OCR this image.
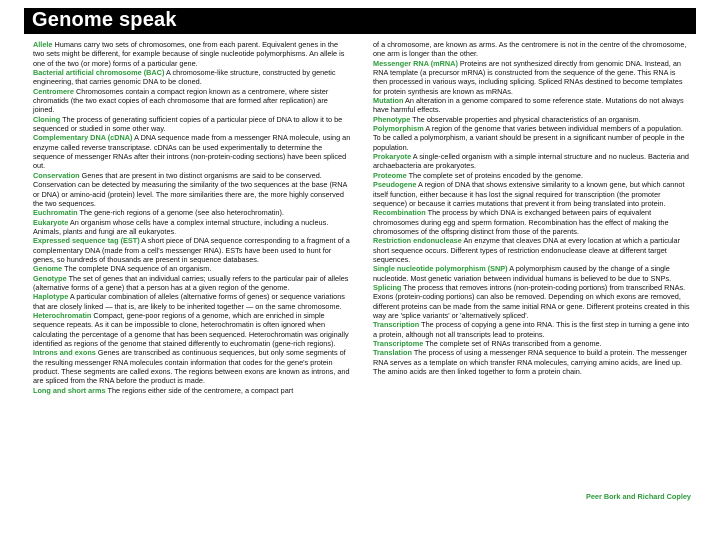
Genome speak

Allele Humans carry two sets of chromosomes, one from each parent. Equivalent genes in the two sets might be different, for example because of single nucleotide polymorphisms. An allele is one of the two (or more) forms of a particular gene.

Bacterial artificial chromosome (BAC) A chromosome-like structure, constructed by genetic engineering, that carries genomic DNA to be cloned.

Centromere Chromosomes contain a compact region known as a centromere, where sister chromatids (the two exact copies of each chromosome that are formed after replication) are joined.

Cloning The process of generating sufficient copies of a particular piece of DNA to allow it to be sequenced or studied in some other way.

Complementary DNA (cDNA) A DNA sequence made from a messenger RNA molecule, using an enzyme called reverse transcriptase. cDNAs can be used experimentally to determine the sequence of messenger RNAs after their introns (non-protein-coding sections) have been spliced out.

Conservation Genes that are present in two distinct organisms are said to be conserved. Conservation can be detected by measuring the similarity of the two sequences at the base (RNA or DNA) or amino-acid (protein) level. The more similarities there are, the more highly conserved the two sequences.

Euchromatin The gene-rich regions of a genome (see also heterochromatin).

Eukaryote An organism whose cells have a complex internal structure, including a nucleus. Animals, plants and fungi are all eukaryotes.

Expressed sequence tag (EST) A short piece of DNA sequence corresponding to a fragment of a complementary DNA (made from a cell's messenger RNA). ESTs have been used to hunt for genes, so hundreds of thousands are present in sequence databases.

Genome The complete DNA sequence of an organism.

Genotype The set of genes that an individual carries; usually refers to the particular pair of alleles (alternative forms of a gene) that a person has at a given region of the genome.

Haplotype A particular combination of alleles (alternative forms of genes) or sequence variations that are closely linked — that is, are likely to be inherited together — on the same chromosome.

Heterochromatin Compact, gene-poor regions of a genome, which are enriched in simple sequence repeats. As it can be impossible to clone, heterochromatin is often ignored when calculating the percentage of a genome that has been sequenced. Heterochromatin was originally identified as regions of the genome that stained differently to euchromatin (gene-rich regions).

Introns and exons Genes are transcribed as continuous sequences, but only some segments of the resulting messenger RNA molecules contain information that codes for the gene's protein product. These segments are called exons. The regions between exons are known as introns, and are spliced from the RNA before the product is made.

Long and short arms The regions either side of the centromere, a compact part

of a chromosome, are known as arms. As the centromere is not in the centre of the chromosome, one arm is longer than the other.

Messenger RNA (mRNA) Proteins are not synthesized directly from genomic DNA. Instead, an RNA template (a precursor mRNA) is constructed from the sequence of the gene. This RNA is then processed in various ways, including splicing. Spliced RNAs destined to become templates for protein synthesis are known as mRNAs.

Mutation An alteration in a genome compared to some reference state. Mutations do not always have harmful effects.

Phenotype The observable properties and physical characteristics of an organism.

Polymorphism A region of the genome that varies between individual members of a population. To be called a polymorphism, a variant should be present in a significant number of people in the population.

Prokaryote A single-celled organism with a simple internal structure and no nucleus. Bacteria and archaebacteria are prokaryotes.

Proteome The complete set of proteins encoded by the genome.

Pseudogene A region of DNA that shows extensive similarity to a known gene, but which cannot itself function, either because it has lost the signal required for transcription (the promoter sequence) or because it carries mutations that prevent it from being translated into protein.

Recombination The process by which DNA is exchanged between pairs of equivalent chromosomes during egg and sperm formation. Recombination has the effect of making the chromosomes of the offspring distinct from those of the parents.

Restriction endonuclease An enzyme that cleaves DNA at every location at which a particular short sequence occurs. Different types of restriction endonuclease cleave at different target sequences.

Single nucleotide polymorphism (SNP) A polymorphism caused by the change of a single nucleotide. Most genetic variation between individual humans is believed to be due to SNPs.

Splicing The process that removes introns (non-protein-coding portions) from transcribed RNAs. Exons (protein-coding portions) can also be removed. Depending on which exons are removed, different proteins can be made from the same initial RNA or gene. Different proteins created in this way are 'splice variants' or 'alternatively spliced'.

Transcription The process of copying a gene into RNA. This is the first step in turning a gene into a protein, although not all transcripts lead to proteins.

Transcriptome The complete set of RNAs transcribed from a genome.

Translation The process of using a messenger RNA sequence to build a protein. The messenger RNA serves as a template on which transfer RNA molecules, carrying amino acids, are lined up. The amino acids are then linked together to form a protein chain.

Peer Bork and Richard Copley
